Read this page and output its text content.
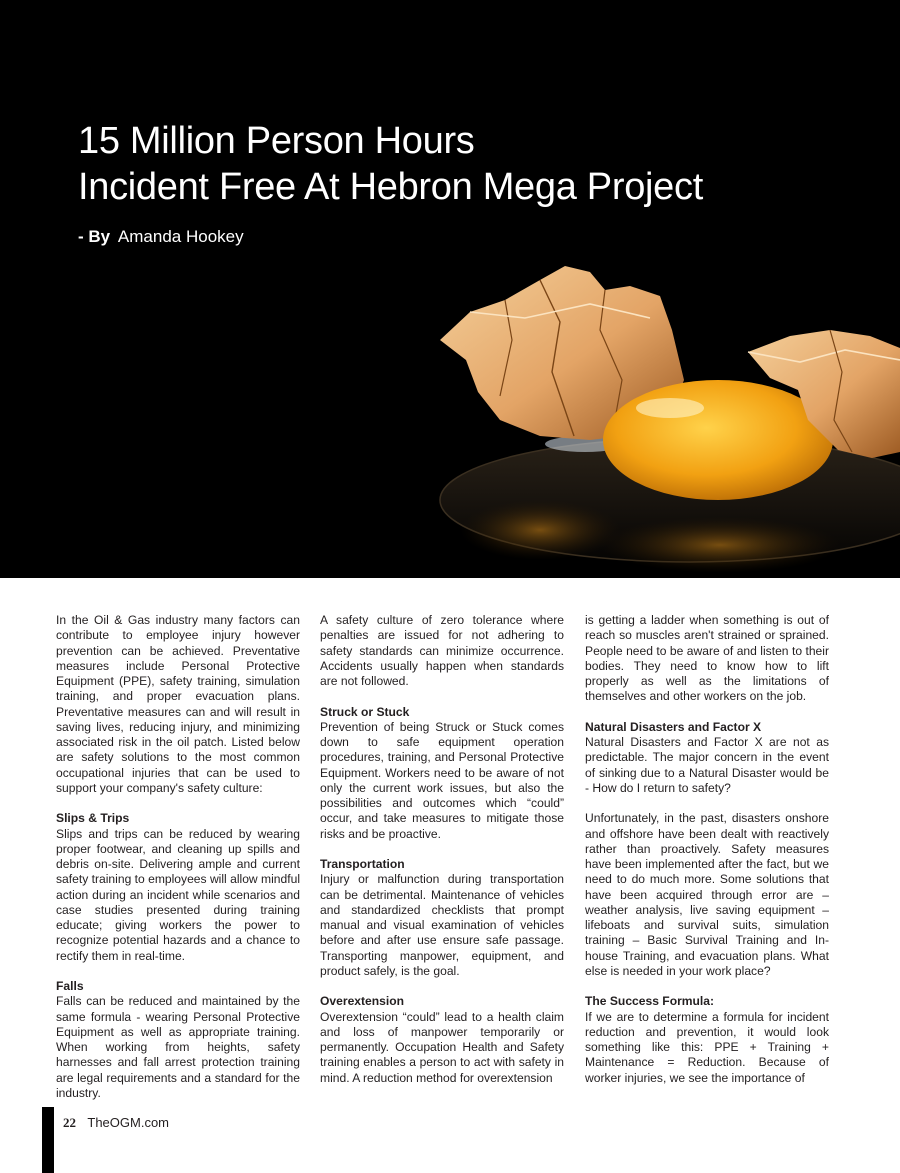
15 Million Person Hours
Incident Free At Hebron Mega Project
- By Amanda Hookey

In the Oil & Gas industry many factors can contribute to employee injury however prevention can be achieved. Preventative measures include Personal Protective Equipment (PPE), safety training, simulation training, and proper evacuation plans. Preventative measures can and will result in saving lives, reducing injury, and minimizing associated risk in the oil patch. Listed below are safety solutions to the most common occupational injuries that can be used to support your company's safety culture:

Slips & Trips

Slips and trips can be reduced by wearing proper footwear, and cleaning up spills and debris on-site. Delivering ample and current safety training to employees will allow mindful action during an incident while scenarios and case studies presented during training educate; giving workers the power to recognize potential hazards and a chance to rectify them in real-time.

Falls

Falls can be reduced and maintained by the same formula - wearing Personal Protective Equipment as well as appropriate training. When working from heights, safety harnesses and fall arrest protection training are legal requirements and a standard for the industry.

A safety culture of zero tolerance where penalties are issued for not adhering to safety standards can minimize occurrence. Accidents usually happen when standards are not followed.

Struck or Stuck

Prevention of being Struck or Stuck comes down to safe equipment operation procedures, training, and Personal Protective Equipment. Workers need to be aware of not only the current work issues, but also the possibilities and outcomes which “could” occur, and take measures to mitigate those risks and be proactive.

Transportation

Injury or malfunction during transportation can be detrimental. Maintenance of vehicles and standardized checklists that prompt manual and visual examination of vehicles before and after use ensure safe passage. Transporting manpower, equipment, and product safely, is the goal.

Overextension

Overextension “could” lead to a health claim and loss of manpower temporarily or permanently. Occupation Health and Safety training enables a person to act with safety in mind. A reduction method for overextension

is getting a ladder when something is out of reach so muscles aren't strained or sprained. People need to be aware of and listen to their bodies. They need to know how to lift properly as well as the limitations of themselves and other workers on the job.

Natural Disasters and Factor X

Natural Disasters and Factor X are not as predictable. The major concern in the event of sinking due to a Natural Disaster would be - How do I return to safety?

Unfortunately, in the past, disasters onshore and offshore have been dealt with reactively rather than proactively. Safety measures have been implemented after the fact, but we need to do much more. Some solutions that have been acquired through error are – weather analysis, live saving equipment – lifeboats and survival suits, simulation training – Basic Survival Training and In-house Training, and evacuation plans. What else is needed in your work place?

The Success Formula:

If we are to determine a formula for incident reduction and prevention, it would look something like this: PPE + Training + Maintenance = Reduction. Because of worker injuries, we see the importance of

22 TheOGM.com
